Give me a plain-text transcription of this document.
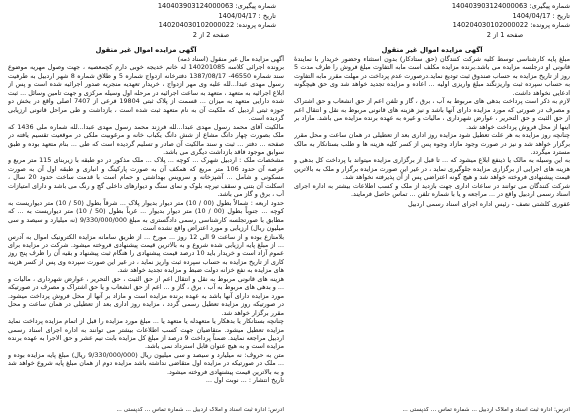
شماره پیگیری: 140403903124000063
تاریخ : 1404/04/17
شماره پرونده: 140204030102000022
صفحه 2 از 2
شماره پیگیری: 140403903124000063
تاریخ : 1404/04/17
شماره پرونده: 140204030102000022
صفحه 1 از 2
آگهی مزایده اموال غیر منقول

آگهی مزایده مال غیر منقول (اسناد ذمه)

برونده اجرائی کلاسه 140201085 له خانم خدیجه خوبی دارم کچمعصیه ، جهت وصول مهریه موضوع سند شماره 46550- 1387/08/17 دفترخانه ازدواج شماره 5 و طلاق شماره 8 شهر اردبیل به طرفیت رسول مهدی عبدا...لله علیه وی مهر ازدواج ، خریدار تعهدیه منجربه صدور اجرائیه شده است و پس از ابلاغ اجرائیه به متعهد ، متعهد به ساعت اجرائیه در مرحله اول وسیله مرکزی و جهت تامین وسائل ... ثبت شده دارایی متعهد به میزان ... قسمت از پلاک ثبتی 19804 فرعی از 7407 اصلی واقع در بخش دو حوزه ثبتی اردبیل که ملکیت آن به نام متعهد ثبت شده است ، بازداشت و طی مراحل قانونی ارزیابی گردیده است.

مالکیت آقای محمد رسول مهدی عبدا...لله فرزند محمد رسول مهدی عبدا...لله شماره ملی 1436 که ملک بصورت چهار دانگ مشاع از شش دانگ یکباب خانه و مرغوبیت ملکی در موقعیت تقسیم یافته در صفحه ... دفتر ... ثبت و سند مالکیت آن صادر و تسلیم گردیده است که طی ... بنام متعهد بوده و طبق سوابق موجود فاقد بازداشت دیگری می باشد.

مشخصات ملک : اردبیل شهرک ... کوچه ... پلاک ... ملک مذکور در دو طبقه با زیربنای 115 متر مربع و عرصه آن حدود 106 متر مربع که همکف آن به صورت پارکینگ و انباری و طبقه اول آن به صورت مسکونی و شامل ... آشپزخانه و سرویس بهداشتی و حمام است با قدمت ساخت حدود 20 سال ، اسکلت آن بتنی و سقف تیرچه بلوک و نمای سنگ و دیوارهای داخلی گچ و رنگ می باشد و دارای امتیازات آب ، برق و گاز می باشد.

حدود اربعه : شمالاً بطول (00 / 10) متر دیوار بدیوار پلاک ... شرقاً بطول (50 / 10) متر دیواریست به کوچه ... جنوباً بطول (00 / 10) متر دیوار بدیوار ... غرباً بطول (50 / 10) متر دیواریست به ... که مطابق با صورتجلسه کارشناسی رسمی دادگستری به مبلغ 9/330/000/000 (نه میلیارد و سیصد و سی میلیون ریال) ارزیابی و مورد اعتراض واقع نشده است.

بلامنازع بوده و از ساعت 9 الی 12 روز ... مورخ ... از طریق سامانه مزایده الکترونیک اموال به آدرس ... از مبلغ پایه ارزیابی شده شروع و به بالاترین قیمت پیشنهادی فروخته میشود. شرکت در مزایده برای عموم آزاد است و خریدار باید 10 درصد قیمت پیشنهادی را هنگام ثبت پیشنهاد و بقیه آن را ظرف پنج روز کاری از تاریخ مزایده به حساب سپرده ثبت واریز نماید ، در غیر این صورت سپرده وی پس از کسر هزینه های مزایده به نفع خزانه دولت ضبط و مزایده تجدید خواهد شد.

هزینه های قانونی مربوط به نقل و انتقال اعم از حق الثبت ، حق التحریر ، عوارض شهرداری ، مالیات و ... و بدهی های مربوط به آب ، برق ، گاز و ... اعم از حق انشعاب و یا حق اشتراک و مصرف در صورتیکه مورد مزایده دارای آنها باشد به عهده برنده مزایده است و مازاد بر آنها از محل فروش پرداخت میشود. در صورتیکه روز مزایده تعطیل رسمی گردد ، مزایده روز اداری بعد از تعطیلی در همان ساعت و محل مقرر برگزار خواهد شد.

چنانچه بستانکار یا بدهکار یا متعهدله یا متعهد یا ... مبلغ مورد مزایده را قبل از اتمام مزایده پرداخت نماید مزایده تعطیل میشود. متقاضیان جهت کسب اطلاعات بیشتر می توانند به اداره اجرای اسناد رسمی اردبیل مراجعه نمایند. ضمناً پرداخت 9 درصد از مبلغ کل مزایده بابت نیم عشر و حق الاجرا به عهده برنده مزایده است و به هیچ عنوان قابل استرداد نمی باشد.

متن به حروف: نه میلیارد و سیصد و سی میلیون ریال (9/330/000/000 ریال) مبلغ پایه مزایده بوده و ... ملک در صورتیکه در مزایده اول متقاضی نداشته باشد مزایده دوم از همان مبلغ پایه شروع خواهد شد و به بالاترین قیمت پیشنهادی فروخته میشود.

تاریخ انتشار : ... نوبت اول ...

آگهی مزایده اموال غیر منقول

مبلغ پایه کارشناسی توسط کلیه شرکت کنندگان (حق ستادکار) بدون استثناء وحضور خریدار با نمایندۀ قانونی او درجلسه مزایده می باشد.برنده مزایده مکلف است مابه التفاوت مبلغ فروش را ظرف مدت 5 روز از تاریخ مزایده به حساب صندوق ثبت تودیع نماید.درصورت عدم پرداخت در مهلت مقرر مابه التفاوت به حساب سپرده ثبت واریزنگند مبلغ واریزی اولیه ... اعاده و مزایده تجدید خواهد شد وی حق هیچگونه ادعایی نخواهد داشت.

لازم به ذکر است پرداخت بدهی های مربوط به آب ، برق ، گاز و تلفن اعم از حق انشعاب و حق اشتراک و مصرف در صورتی که مورد مزایده دارای آنها باشد و نیز هزینه های قانونی مربوط به نقل و انتقال اعم از حق الثبت و حق التحریر ، عوارض شهرداری ، مالیات و غیره به عهده برنده مزایده می باشد. مازاد بر اینها از محل فروش پرداخت خواهد شد.

چنانچه روز مزایده به هر علت تعطیل شود مزایده روز اداری بعد از تعطیلی در همان ساعت و محل مقرر برگزار خواهد شد و نیز در صورت وجود مازاد وجوه پس از کسر کلیه هزینه ها و طلب بستانکار به مالک مسترد میگردد.

به این وسیله به مالک یا ذینفع ابلاغ میشود که ... تا قبل از برگزاری مزایده میتواند با پرداخت کل بدهی و هزینه های اجرایی از برگزاری مزایده جلوگیری نماید ، در غیر این صورت مزایده برگزار و ملک به بالاترین قیمت پیشنهادی فروخته خواهد شد و هیچ گونه اعتراضی پس از آن پذیرفته نخواهد شد.

شرکت کنندگان می توانند در ساعات اداری جهت بازدید از ملک و کسب اطلاعات بیشتر به اداره اجرای اسناد رسمی اردبیل واقع در ... مراجعه و یا با شماره تلفن ... تماس حاصل فرمایند.

غفوری کلشتی نصف - رئیس اداره اجرای اسناد رسمی اردبیل

آدرس: اداره ثبت اسناد و املاک اردبیل ... شماره تماس ... کدپستی ...	آدرس: اداره ثبت اسناد و املاک اردبیل ... شماره تماس ... کدپستی ...
